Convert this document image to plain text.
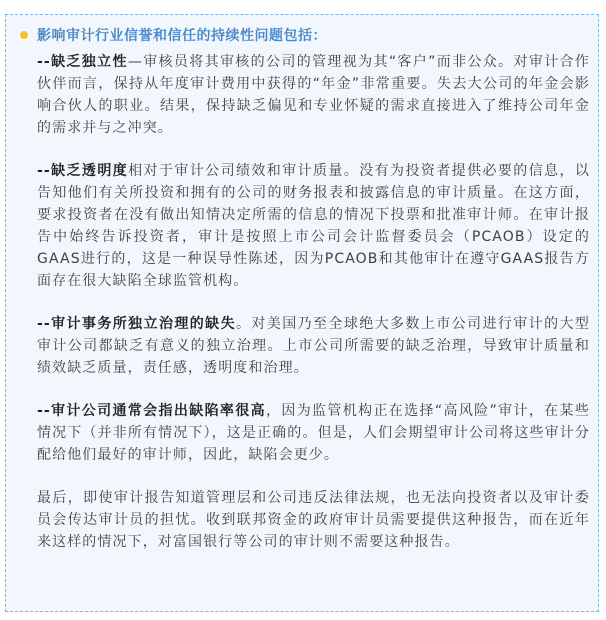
影响审计行业信誉和信任的持续性问题包括：

--缺乏独立性—审核员将其审核的公司的管理视为其“客户”而非公众。对审计合作伙伴而言，保持从年度审计费用中获得的“年金”非常重要。失去大公司的年金会影响合伙人的职业。结果，保持缺乏偏见和专业怀疑的需求直接进入了维持公司年金的需求并与之冲突。

--缺乏透明度相对于审计公司绩效和审计质量。没有为投资者提供必要的信息，以告知他们有关所投资和拥有的公司的财务报表和披露信息的审计质量。在这方面，要求投资者在没有做出知情决定所需的信息的情况下投票和批准审计师。在审计报告中始终告诉投资者，审计是按照上市公司会计监督委员会（PCAOB）设定的GAAS进行的，这是一种误导性陈述，因为PCAOB和其他审计在遵守GAAS报告方面存在很大缺陷全球监管机构。

--审计事务所独立治理的缺失。对美国乃至全球绝大多数上市公司进行审计的大型审计公司都缺乏有意义的独立治理。上市公司所需要的缺乏治理，导致审计质量和绩效缺乏质量，责任感，透明度和治理。

--审计公司通常会指出缺陷率很高，因为监管机构正在选择“高风险”审计，在某些情况下（并非所有情况下），这是正确的。但是，人们会期望审计公司将这些审计分配给他们最好的审计师，因此，缺陷会更少。

最后，即使审计报告知道管理层和公司违反法律法规，也无法向投资者以及审计委员会传达审计员的担忧。收到联邦资金的政府审计员需要提供这种报告，而在近年来这样的情况下，对富国银行等公司的审计则不需要这种报告。
